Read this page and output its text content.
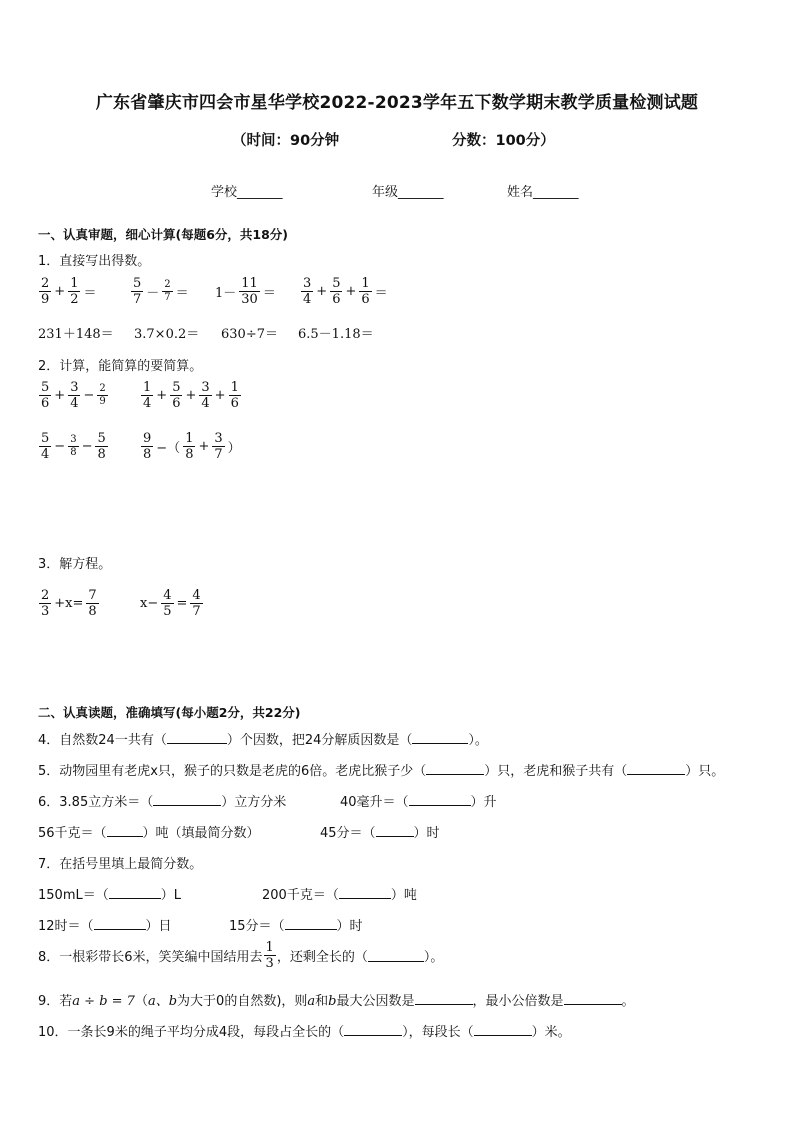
广东省肇庆市四会市星华学校2022-2023学年五下数学期末教学质量检测试题
（时间：90分钟	分数：100分）
学校_______	年级_______	姓名_______
一、认真审题，细心计算(每题6分，共18分)
1．直接写出得数。
$\frac{2}{9} + \frac{1}{2}$ ＝	$\frac{5}{7} - \frac{2}{7} = 1- \frac{11}{30} = \frac{3}{4} + \frac{5}{6} + \frac{1}{6}$ ＝
231＋148＝ 3.7×0.2＝ 630÷7＝ 6.5－1.18＝
2．计算，能简算的要简算。
$\frac{5}{6} + \frac{3}{4} - \frac{2}{9}$	$\frac{1}{4} + \frac{5}{6} + \frac{3}{4} + \frac{1}{6}$
$\frac{5}{4} - \frac{3}{8} - \frac{5}{8}$	$\frac{9}{8}$ −（ $\frac{1}{8} + \frac{3}{7}$ ）
3．解方程。
$\frac{2}{3} +x= \frac{7}{8}$	$x- \frac{4}{5} = \frac{4}{7}$
二、认真读题，准确填写(每小题2分，共22分)
4．自然数24一共有（	）个因数，把24分解质因数是（	）。
5．动物园里有老虎x只，猴子的只数是老虎的6倍。老虎比猴子少（	）只，老虎和猴子共有（	）只。
6．3.85立方米＝（	）立方分米	40毫升＝（	）升
56千克＝（	）吨（填最简分数）	45分＝（	）时
7．在括号里填上最简分数。
150mL＝（	）L	200千克＝（	）吨
12时＝（	）日	15分＝（	）时
8．一根彩带长6米，笑笑编中国结用去 $\frac{1}{3}$ ，还剩全长的（	）。
9．若a ÷ b = 7（a、b为大于0的自然数)，则a和b最大公因数是	，最小公倍数是	。
10．一条长9米的绳子平均分成4段，每段占全长的（	），每段长（	）米。
